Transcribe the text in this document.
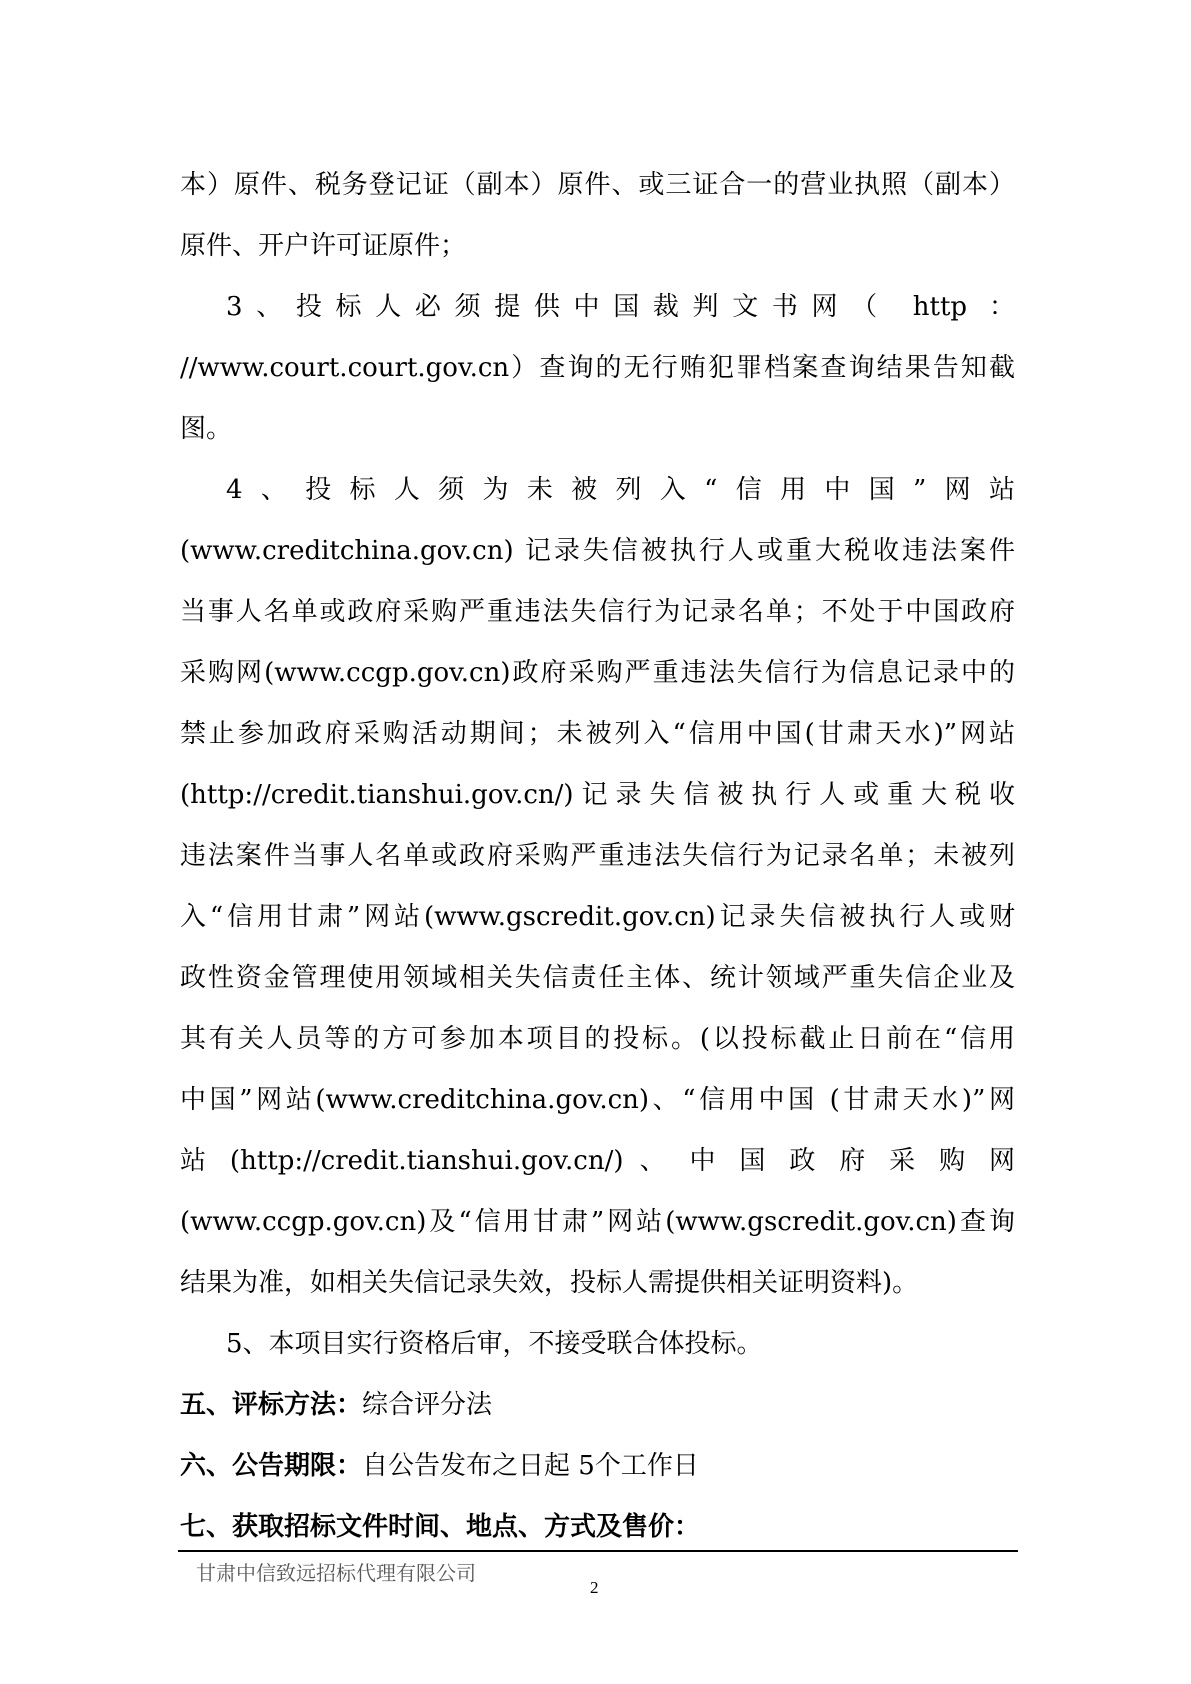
本）原件、税务登记证（副本）原件、或三证合一的营业执照（副本）
原件、开户许可证原件；
3、投标人必须提供中国裁判文书网（ http ：
//www.court.court.gov.cn）查询的无行贿犯罪档案查询结果告知截
图。
4、投标人须为未被列入“信用中国”网站
(www.creditchina.gov.cn) 记录失信被执行人或重大税收违法案件
当事人名单或政府采购严重违法失信行为记录名单；不处于中国政府
采购网(www.ccgp.gov.cn)政府采购严重违法失信行为信息记录中的
禁止参加政府采购活动期间；未被列入“信用中国(甘肃天水)”网站
(http://credit.tianshui.gov.cn/)记录失信被执行人或重大税收
违法案件当事人名单或政府采购严重违法失信行为记录名单；未被列
入“信用甘肃”网站(www.gscredit.gov.cn)记录失信被执行人或财
政性资金管理使用领域相关失信责任主体、统计领域严重失信企业及
其有关人员等的方可参加本项目的投标。(以投标截止日前在“信用
中国”网站(www.creditchina.gov.cn)、“信用中国 (甘肃天水)”网
站 (http://credit.tianshui.gov.cn/) 、 中 国 政 府 采 购 网
(www.ccgp.gov.cn)及“信用甘肃”网站(www.gscredit.gov.cn)查询
结果为准，如相关失信记录失效，投标人需提供相关证明资料)。
5、本项目实行资格后审，不接受联合体投标。
五、评标方法：综合评分法
六、公告期限：自公告发布之日起 5个工作日
七、获取招标文件时间、地点、方式及售价：
甘肃中信致远招标代理有限公司
2
